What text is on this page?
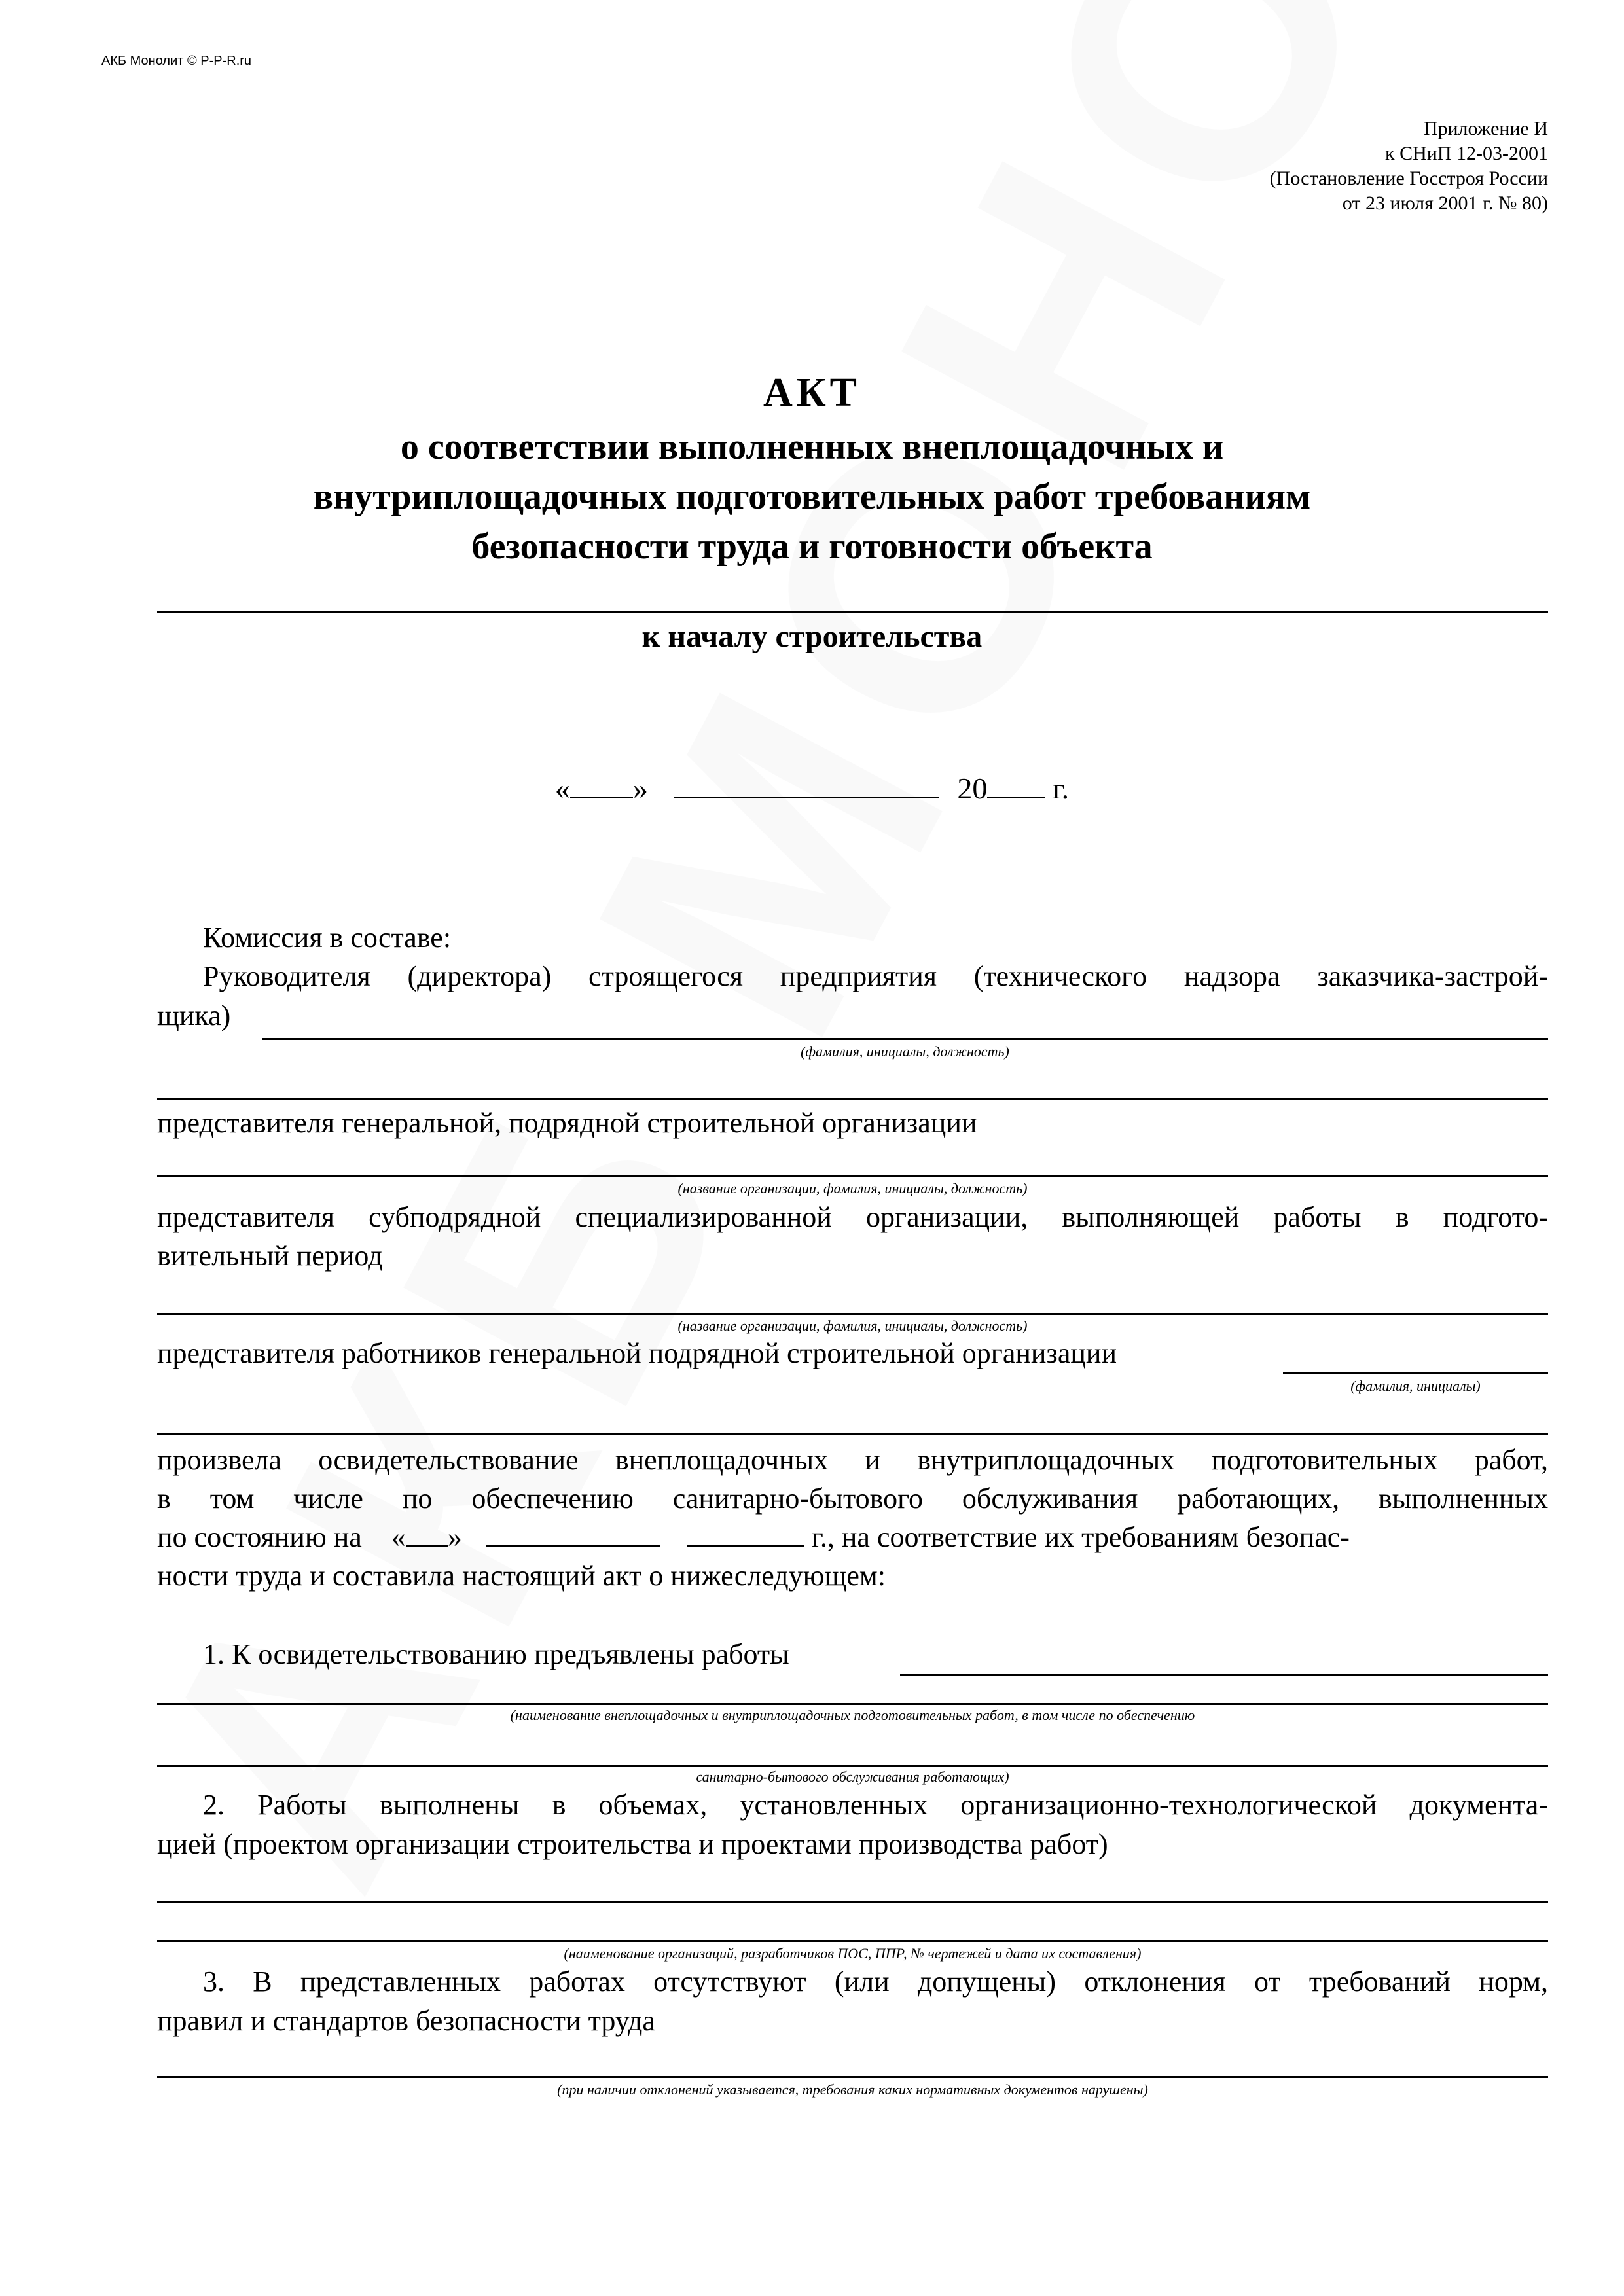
АКБ Монолит © P-P-R.ru
Приложение И
к СНиП 12-03-2001
(Постановление Госстроя России
от 23 июля 2001 г. № 80)
АКТ
о соответствии выполненных внеплощадочных и
внутриплощадочных подготовительных работ требованиям
безопасности труда и готовности объекта
к началу строительства
« »	20 г.
Комиссия в составе:
Руководителя (директора) строящегося предприятия (технического надзора заказчика-застрой-
щика)
(фамилия, инициалы, должность)
представителя генеральной, подрядной строительной организации
(название организации, фамилия, инициалы, должность)
представителя субподрядной специализированной организации, выполняющей работы в подгото-
вительный период
(название организации, фамилия, инициалы, должность)
представителя работников генеральной подрядной строительной организации
(фамилия, инициалы)
произвела освидетельствование внеплощадочных и внутриплощадочных подготовительных работ,
в том числе по обеспечению санитарно-бытового обслуживания работающих, выполненных
по состоянию на « »	г., на соответствие их требованиям безопас-
ности труда и составила настоящий акт о нижеследующем:
1. К освидетельствованию предъявлены работы
(наименование внеплощадочных и внутриплощадочных подготовительных работ, в том числе по обеспечению
санитарно-бытового обслуживания работающих)
2. Работы выполнены в объемах, установленных организационно-технологической документа-
цией (проектом организации строительства и проектами производства работ)
(наименование организаций, разработчиков ПОС, ППР, № чертежей и дата их составления)
3. В представленных работах отсутствуют (или допущены) отклонения от требований норм,
правил и стандартов безопасности труда
(при наличии отклонений указывается, требования каких нормативных документов нарушены)
